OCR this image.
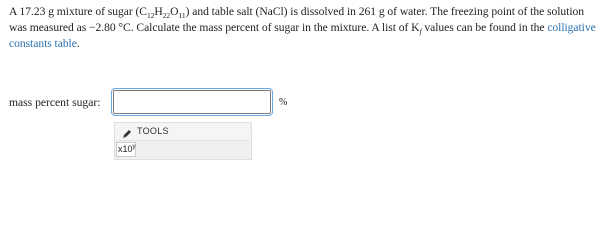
A 17.23 g mixture of sugar $(C_{12}H_{22}O_{11})$ and table salt (NaCl) is dissolved in 261 g of water. The freezing point of the solution was measured as −2.80 °C. Calculate the mass percent of sugar in the mixture. A list of $K_f$ values can be found in the colligative constants table.
mass percent sugar:	%
TOOLS
x10$^y$
